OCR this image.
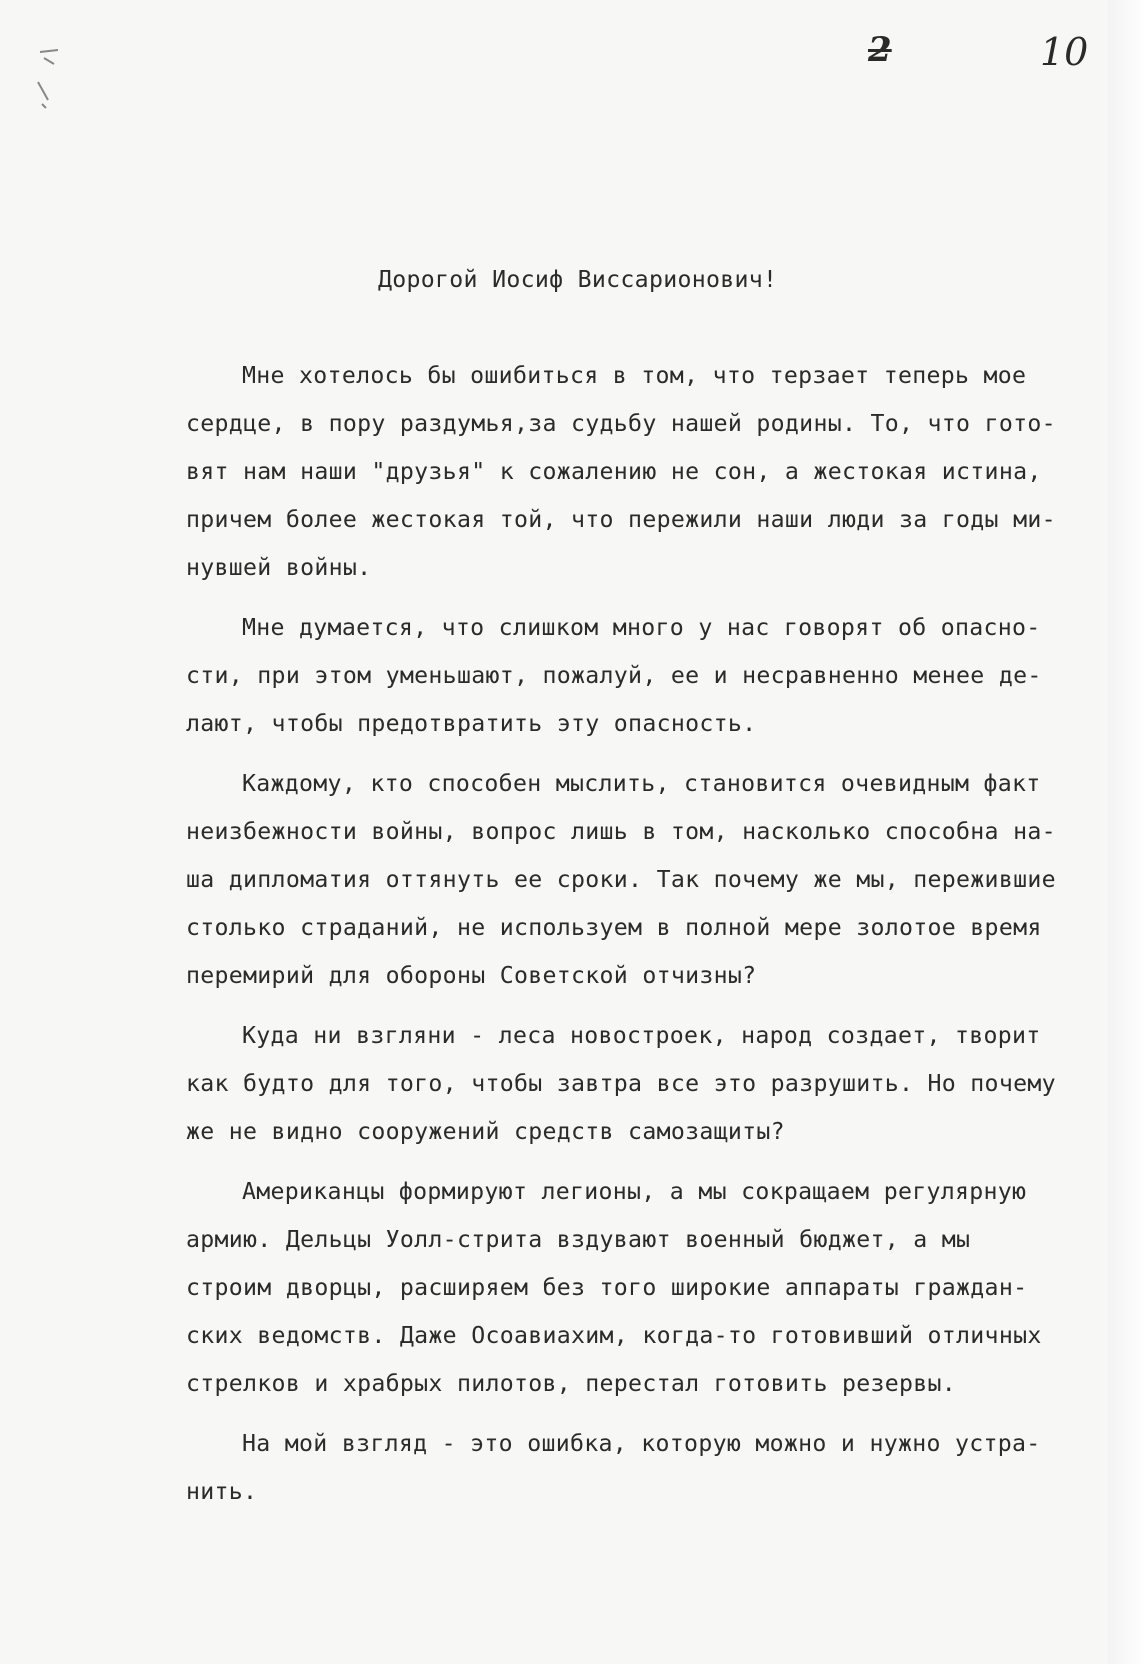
2	10
Дорогой Иосиф Виссарионович!
Мне хотелось бы ошибиться в том, что терзает теперь мое
сердце, в пору раздумья,за судьбу нашей родины. То, что гото-
вят нам наши "друзья" к сожалению не сон, а жестокая истина,
причем более жестокая той, что пережили наши люди за годы ми-
нувшей войны.
Мне думается, что слишком много у нас говорят об опасно-
сти, при этом уменьшают, пожалуй, ее и несравненно менее де-
лают, чтобы предотвратить эту опасность.
Каждому, кто способен мыслить, становится очевидным факт
неизбежности войны, вопрос лишь в том, насколько способна на-
ша дипломатия оттянуть ее сроки. Так почему же мы, пережившие
столько страданий, не используем в полной мере золотое время
перемирий для обороны Советской отчизны?
Куда ни взгляни - леса новостроек, народ создает, творит
как будто для того, чтобы завтра все это разрушить. Но почему
же не видно сооружений средств самозащиты?
Американцы формируют легионы, а мы сокращаем регулярную
армию. Дельцы Уолл-стрита вздувают военный бюджет, а мы
строим дворцы, расширяем без того широкие аппараты граждан-
ских ведомств. Даже Осоавиахим, когда-то готовивший отличных
стрелков и храбрых пилотов, перестал готовить резервы.
На мой взгляд - это ошибка, которую можно и нужно устра-
нить.
